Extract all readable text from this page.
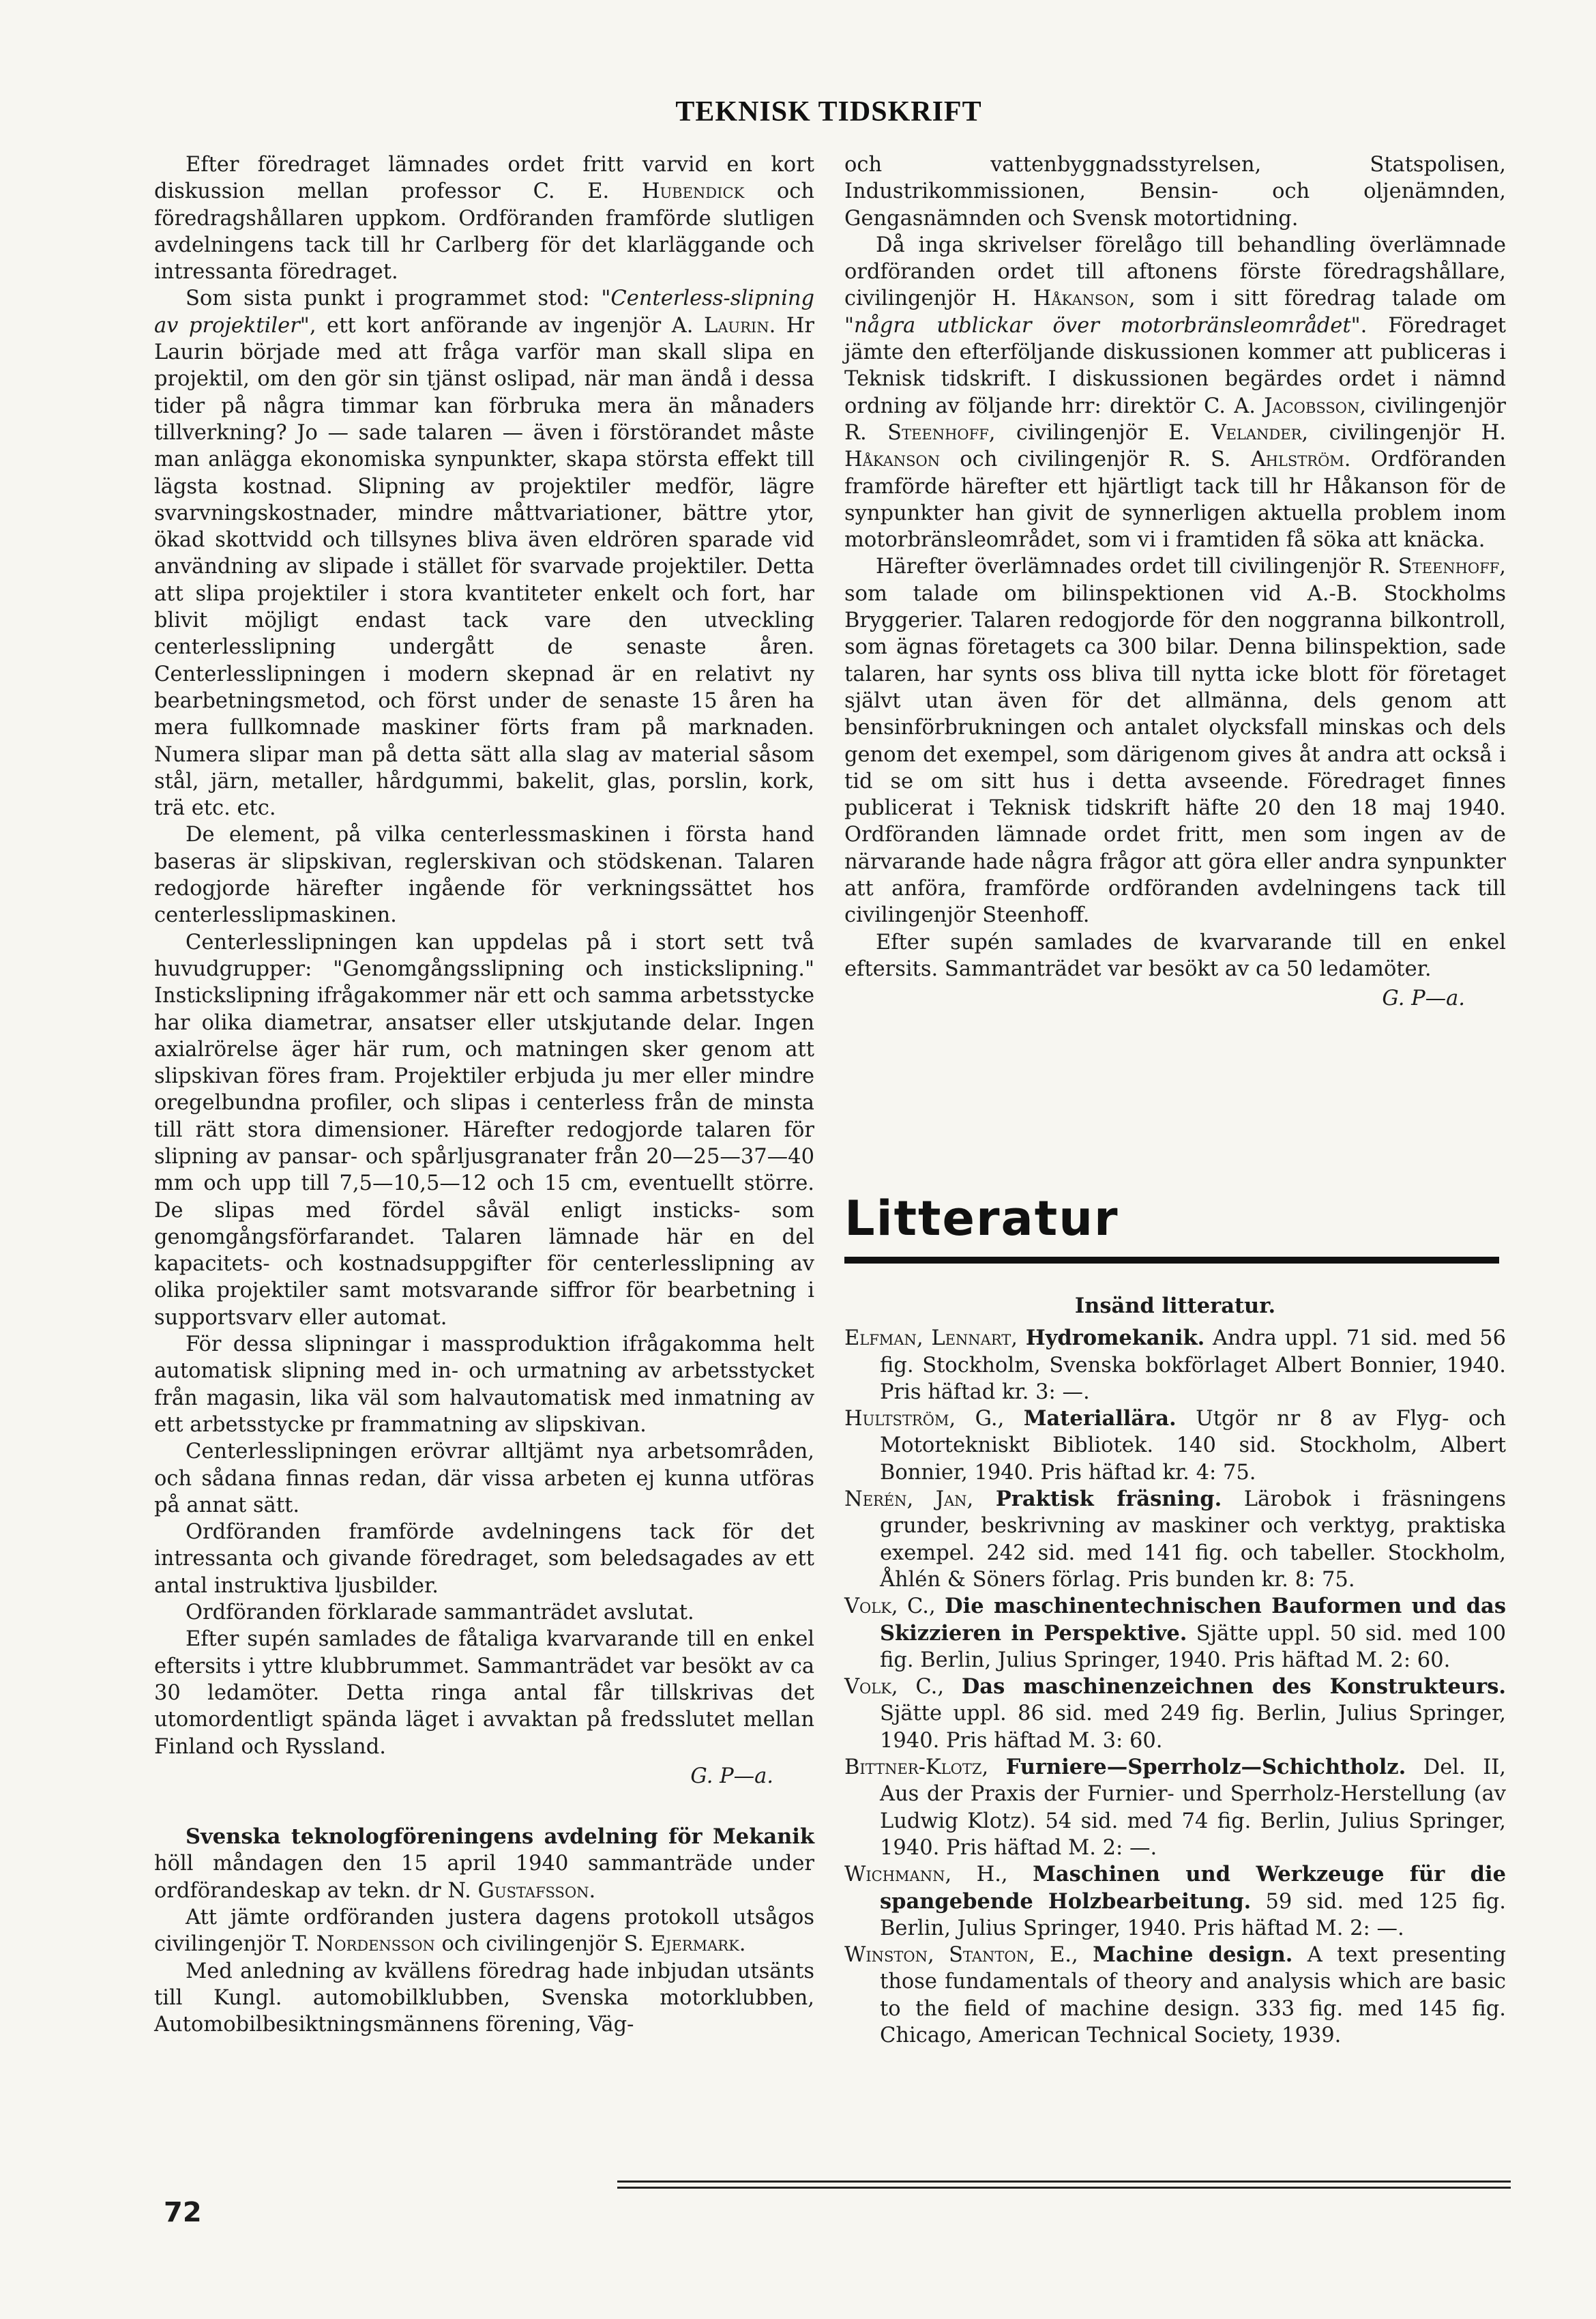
TEKNISK TIDSKRIFT

Efter föredraget lämnades ordet fritt varvid en kort diskussion mellan professor C. E. Hubendick och föredragshållaren uppkom. Ordföranden framförde slutligen avdelningens tack till hr Carlberg för det klarläggande och intressanta föredraget.

Som sista punkt i programmet stod: "Centerless-slipning av projektiler", ett kort anförande av ingenjör A. Laurin. Hr Laurin började med att fråga varför man skall slipa en projektil, om den gör sin tjänst oslipad, när man ändå i dessa tider på några timmar kan förbruka mera än månaders tillverkning? Jo — sade talaren — även i förstörandet måste man anlägga ekonomiska synpunkter, skapa största effekt till lägsta kostnad. Slipning av projektiler medför, lägre svarvningskostnader, mindre måttvariationer, bättre ytor, ökad skottvidd och tillsynes bliva även eldrören sparade vid användning av slipade i stället för svarvade projektiler. Detta att slipa projektiler i stora kvantiteter enkelt och fort, har blivit möjligt endast tack vare den utveckling centerlesslipning undergått de senaste åren. Centerlesslipningen i modern skepnad är en relativt ny bearbetningsmetod, och först under de senaste 15 åren ha mera fullkomnade maskiner förts fram på marknaden. Numera slipar man på detta sätt alla slag av material såsom stål, järn, metaller, hårdgummi, bakelit, glas, porslin, kork, trä etc. etc.

De element, på vilka centerlessmaskinen i första hand baseras är slipskivan, reglerskivan och stödskenan. Talaren redogjorde härefter ingående för verkningssättet hos centerlesslipmaskinen.

Centerlesslipningen kan uppdelas på i stort sett två huvudgrupper: "Genomgångsslipning och instickslipning." Instickslipning ifrågakommer när ett och samma arbetsstycke har olika diametrar, ansatser eller utskjutande delar. Ingen axialrörelse äger här rum, och matningen sker genom att slipskivan föres fram. Projektiler erbjuda ju mer eller mindre oregelbundna profiler, och slipas i centerless från de minsta till rätt stora dimensioner. Härefter redogjorde talaren för slipning av pansar- och spårljusgranater från 20—25—37—40 mm och upp till 7,5—10,5—12 och 15 cm, eventuellt större. De slipas med fördel såväl enligt insticks- som genomgångsförfarandet. Talaren lämnade här en del kapacitets- och kostnadsuppgifter för centerlesslipning av olika projektiler samt motsvarande siffror för bearbetning i supportsvarv eller automat.

För dessa slipningar i massproduktion ifrågakomma helt automatisk slipning med in- och urmatning av arbetsstycket från magasin, lika väl som halvautomatisk med inmatning av ett arbetsstycke pr frammatning av slipskivan.

Centerlesslipningen erövrar alltjämt nya arbetsområden, och sådana finnas redan, där vissa arbeten ej kunna utföras på annat sätt.

Ordföranden framförde avdelningens tack för det intressanta och givande föredraget, som beledsagades av ett antal instruktiva ljusbilder.

Ordföranden förklarade sammanträdet avslutat.

Efter supén samlades de fåtaliga kvarvarande till en enkel eftersits i yttre klubbrummet. Sammanträdet var besökt av ca 30 ledamöter. Detta ringa antal får tillskrivas det utomordentligt spända läget i avvaktan på fredsslutet mellan Finland och Ryssland.

G. P—a.

Svenska teknologföreningens avdelning för Mekanik höll måndagen den 15 april 1940 sammanträde under ordförandeskap av tekn. dr N. Gustafsson.

Att jämte ordföranden justera dagens protokoll utsågos civilingenjör T. Nordensson och civilingenjör S. Ejermark.

Med anledning av kvällens föredrag hade inbjudan utsänts till Kungl. automobilklubben, Svenska motorklubben, Automobilbesiktningsmännens förening, Väg-

och vattenbyggnadsstyrelsen, Statspolisen, Industrikommissionen, Bensin- och oljenämnden, Gengasnämnden och Svensk motortidning.

Då inga skrivelser förelågo till behandling överlämnade ordföranden ordet till aftonens förste föredragshållare, civilingenjör H. Håkanson, som i sitt föredrag talade om "några utblickar över motorbränsleområdet". Föredraget jämte den efterföljande diskussionen kommer att publiceras i Teknisk tidskrift. I diskussionen begärdes ordet i nämnd ordning av följande hrr: direktör C. A. Jacobsson, civilingenjör R. Steenhoff, civilingenjör E. Velander, civilingenjör H. Håkanson och civilingenjör R. S. Ahlström. Ordföranden framförde härefter ett hjärtligt tack till hr Håkanson för de synpunkter han givit de synnerligen aktuella problem inom motorbränsleområdet, som vi i framtiden få söka att knäcka.

Härefter överlämnades ordet till civilingenjör R. Steenhoff, som talade om bilinspektionen vid A.-B. Stockholms Bryggerier. Talaren redogjorde för den noggranna bilkontroll, som ägnas företagets ca 300 bilar. Denna bilinspektion, sade talaren, har synts oss bliva till nytta icke blott för företaget självt utan även för det allmänna, dels genom att bensinförbrukningen och antalet olycksfall minskas och dels genom det exempel, som därigenom gives åt andra att också i tid se om sitt hus i detta avseende. Föredraget finnes publicerat i Teknisk tidskrift häfte 20 den 18 maj 1940. Ordföranden lämnade ordet fritt, men som ingen av de närvarande hade några frågor att göra eller andra synpunkter att anföra, framförde ordföranden avdelningens tack till civilingenjör Steenhoff.

Efter supén samlades de kvarvarande till en enkel eftersits. Sammanträdet var besökt av ca 50 ledamöter.

G. P—a.

Litteratur

Insänd litteratur.

Elfman, Lennart, Hydromekanik. Andra uppl. 71 sid. med 56 fig. Stockholm, Svenska bokförlaget Albert Bonnier, 1940. Pris häftad kr. 3: —.

Hultström, G., Materiallära. Utgör nr 8 av Flyg- och Motortekniskt Bibliotek. 140 sid. Stockholm, Albert Bonnier, 1940. Pris häftad kr. 4: 75.

Nerén, Jan, Praktisk fräsning. Lärobok i fräsningens grunder, beskrivning av maskiner och verktyg, praktiska exempel. 242 sid. med 141 fig. och tabeller. Stockholm, Åhlén & Söners förlag. Pris bunden kr. 8: 75.

Volk, C., Die maschinentechnischen Bauformen und das Skizzieren in Perspektive. Sjätte uppl. 50 sid. med 100 fig. Berlin, Julius Springer, 1940. Pris häftad M. 2: 60.

Volk, C., Das maschinenzeichnen des Konstrukteurs. Sjätte uppl. 86 sid. med 249 fig. Berlin, Julius Springer, 1940. Pris häftad M. 3: 60.

Bittner-Klotz, Furniere—Sperrholz—Schichtholz. Del. II, Aus der Praxis der Furnier- und Sperrholz-Herstellung (av Ludwig Klotz). 54 sid. med 74 fig. Berlin, Julius Springer, 1940. Pris häftad M. 2: —.

Wichmann, H., Maschinen und Werkzeuge für die spangebende Holzbearbeitung. 59 sid. med 125 fig. Berlin, Julius Springer, 1940. Pris häftad M. 2: —.

Winston, Stanton, E., Machine design. A text presenting those fundamentals of theory and analysis which are basic to the field of machine design. 333 fig. med 145 fig. Chicago, American Technical Society, 1939.

72
